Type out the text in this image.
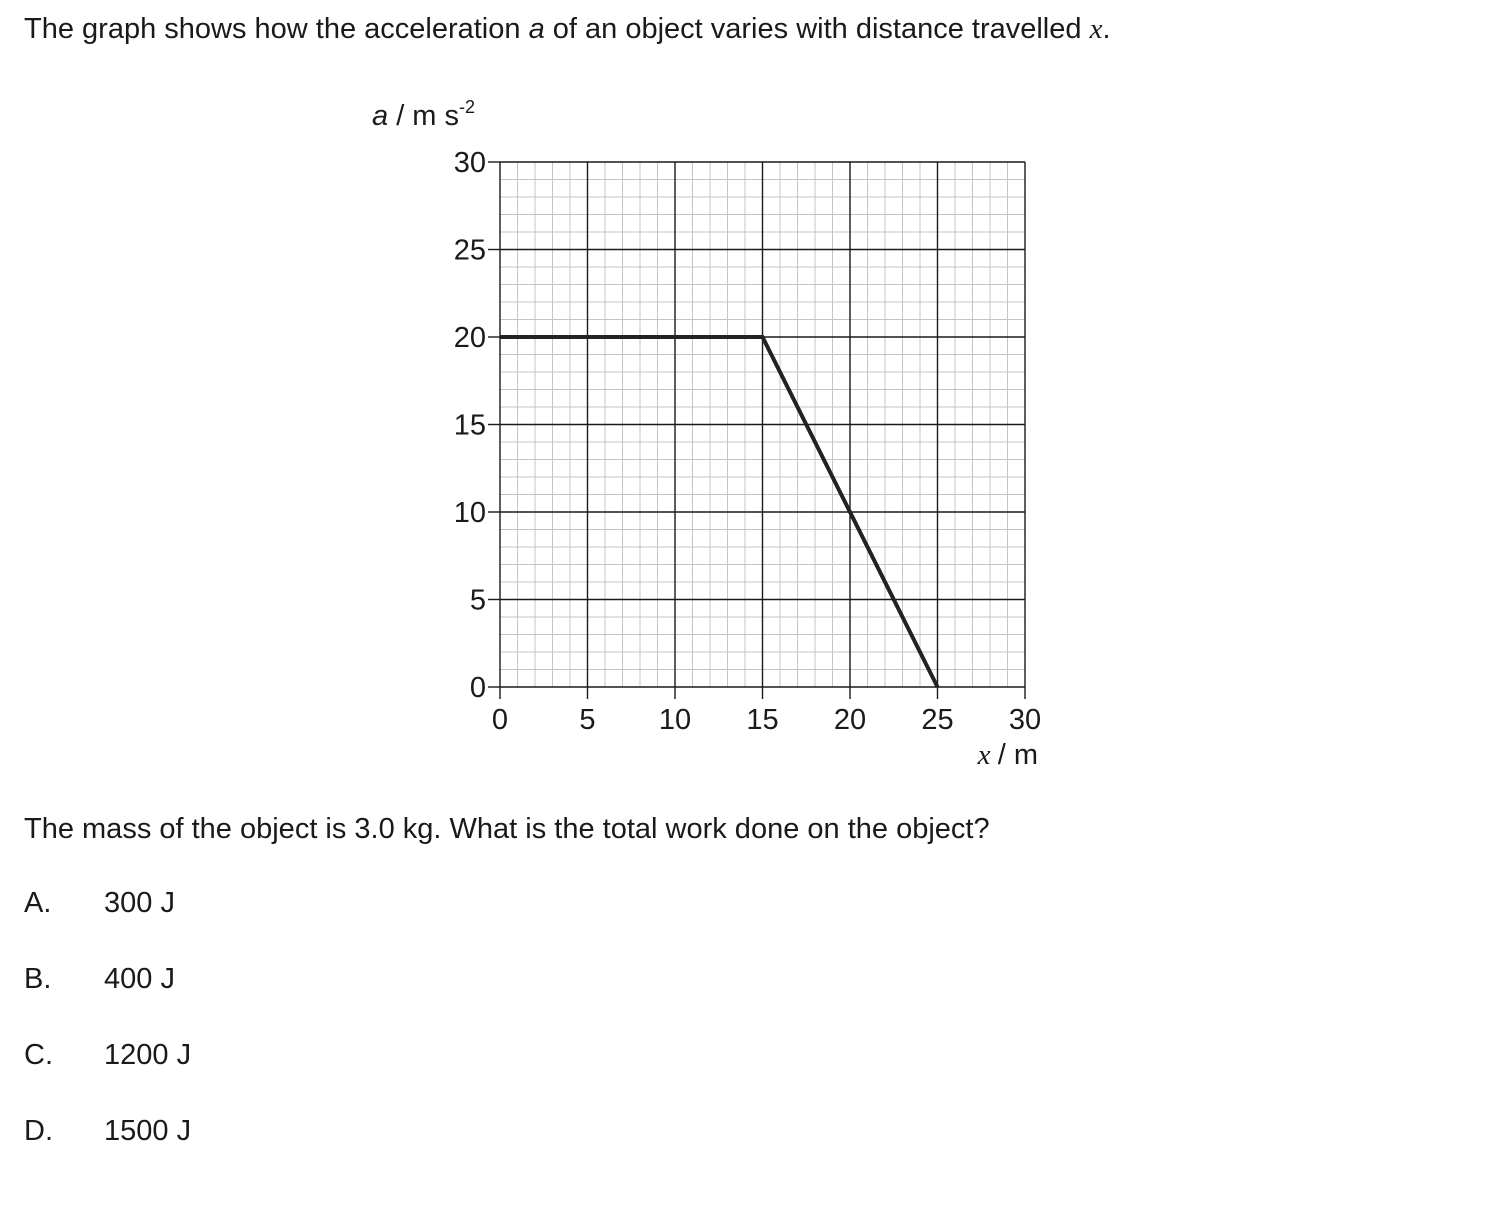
The graph shows how the acceleration a of an object varies with distance travelled x.
0
5
10
15
20
25
30
0 5 10 15 20 25 30
a / m $s^{-2}$
x / m
The mass of the object is 3.0 kg. What is the total work done on the object?
A. 300 J
B. 400 J
C. 1200 J
D. 1500 J
